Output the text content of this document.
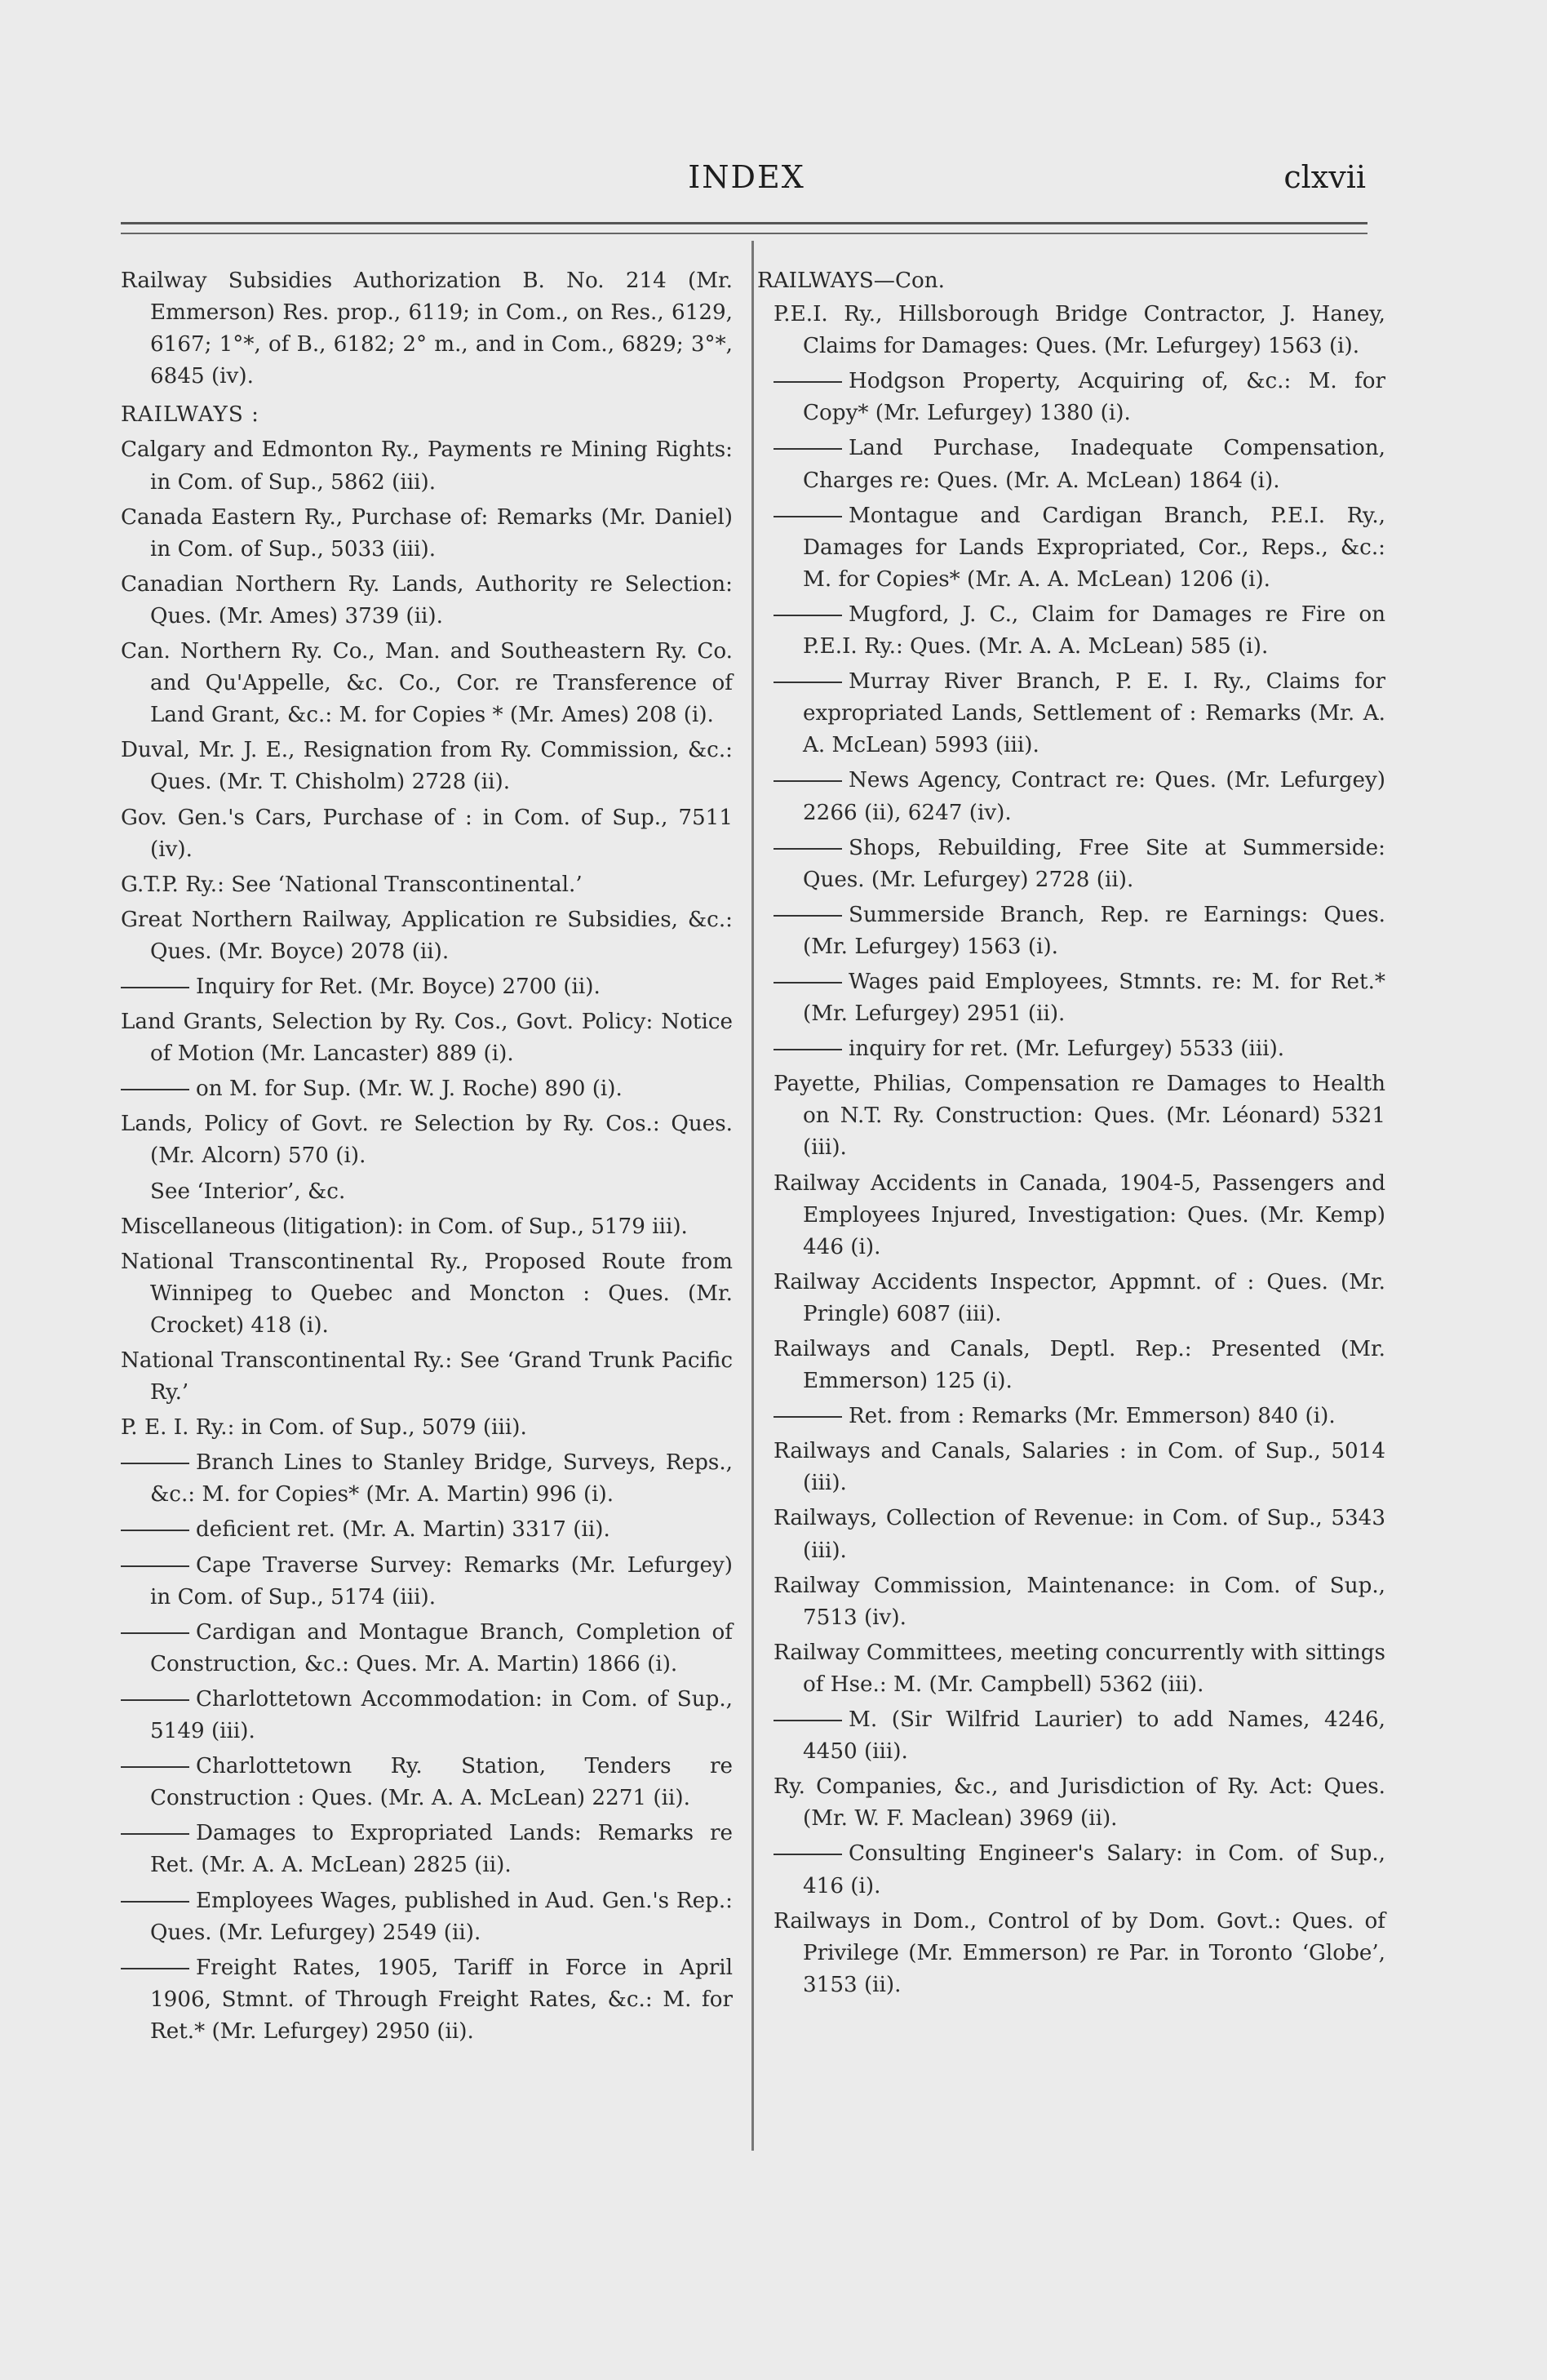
INDEX	clxvii

Railway Subsidies Authorization B. No. 214 (Mr. Emmerson) Res. prop., 6119; in Com., on Res., 6129, 6167; 1°*, of B., 6182; 2° m., and in Com., 6829; 3°*, 6845 (iv).

RAILWAYS :

Calgary and Edmonton Ry., Payments re Mining Rights: in Com. of Sup., 5862 (iii).

Canada Eastern Ry., Purchase of: Remarks (Mr. Daniel) in Com. of Sup., 5033 (iii).

Canadian Northern Ry. Lands, Authority re Selection: Ques. (Mr. Ames) 3739 (ii).

Can. Northern Ry. Co., Man. and Southeastern Ry. Co. and Qu'Appelle, &c. Co., Cor. re Transference of Land Grant, &c.: M. for Copies * (Mr. Ames) 208 (i).

Duval, Mr. J. E., Resignation from Ry. Commission, &c.: Ques. (Mr. T. Chisholm) 2728 (ii).

Gov. Gen.'s Cars, Purchase of : in Com. of Sup., 7511 (iv).

G.T.P. Ry.: See ‘National Transcontinental.’

Great Northern Railway, Application re Subsidies, &c.: Ques. (Mr. Boyce) 2078 (ii).

Inquiry for Ret. (Mr. Boyce) 2700 (ii).

Land Grants, Selection by Ry. Cos., Govt. Policy: Notice of Motion (Mr. Lancaster) 889 (i).

on M. for Sup. (Mr. W. J. Roche) 890 (i).

Lands, Policy of Govt. re Selection by Ry. Cos.: Ques. (Mr. Alcorn) 570 (i).

See ‘Interior’, &c.

Miscellaneous (litigation): in Com. of Sup., 5179 iii).

National Transcontinental Ry., Proposed Route from Winnipeg to Quebec and Moncton : Ques. (Mr. Crocket) 418 (i).

National Transcontinental Ry.: See ‘Grand Trunk Pacific Ry.’

P. E. I. Ry.: in Com. of Sup., 5079 (iii).

Branch Lines to Stanley Bridge, Surveys, Reps., &c.: M. for Copies* (Mr. A. Martin) 996 (i).

deficient ret. (Mr. A. Martin) 3317 (ii).

Cape Traverse Survey: Remarks (Mr. Lefurgey) in Com. of Sup., 5174 (iii).

Cardigan and Montague Branch, Completion of Construction, &c.: Ques. Mr. A. Martin) 1866 (i).

Charlottetown Accommodation: in Com. of Sup., 5149 (iii).

Charlottetown Ry. Station, Tenders re Construction : Ques. (Mr. A. A. McLean) 2271 (ii).

Damages to Expropriated Lands: Remarks re Ret. (Mr. A. A. McLean) 2825 (ii).

Employees Wages, published in Aud. Gen.'s Rep.: Ques. (Mr. Lefurgey) 2549 (ii).

Freight Rates, 1905, Tariff in Force in April 1906, Stmnt. of Through Freight Rates, &c.: M. for Ret.* (Mr. Lefurgey) 2950 (ii).

RAILWAYS—Con.

P.E.I. Ry., Hillsborough Bridge Contractor, J. Haney, Claims for Damages: Ques. (Mr. Lefurgey) 1563 (i).

Hodgson Property, Acquiring of, &c.: M. for Copy* (Mr. Lefurgey) 1380 (i).

Land Purchase, Inadequate Compensation, Charges re: Ques. (Mr. A. McLean) 1864 (i).

Montague and Cardigan Branch, P.E.I. Ry., Damages for Lands Expropriated, Cor., Reps., &c.: M. for Copies* (Mr. A. A. McLean) 1206 (i).

Mugford, J. C., Claim for Damages re Fire on P.E.I. Ry.: Ques. (Mr. A. A. McLean) 585 (i).

Murray River Branch, P. E. I. Ry., Claims for expropriated Lands, Settlement of : Remarks (Mr. A. A. McLean) 5993 (iii).

News Agency, Contract re: Ques. (Mr. Lefurgey) 2266 (ii), 6247 (iv).

Shops, Rebuilding, Free Site at Summerside: Ques. (Mr. Lefurgey) 2728 (ii).

Summerside Branch, Rep. re Earnings: Ques. (Mr. Lefurgey) 1563 (i).

Wages paid Employees, Stmnts. re: M. for Ret.* (Mr. Lefurgey) 2951 (ii).

inquiry for ret. (Mr. Lefurgey) 5533 (iii).

Payette, Philias, Compensation re Damages to Health on N.T. Ry. Construction: Ques. (Mr. Léonard) 5321 (iii).

Railway Accidents in Canada, 1904-5, Passengers and Employees Injured, Investigation: Ques. (Mr. Kemp) 446 (i).

Railway Accidents Inspector, Appmnt. of : Ques. (Mr. Pringle) 6087 (iii).

Railways and Canals, Deptl. Rep.: Presented (Mr. Emmerson) 125 (i).

Ret. from : Remarks (Mr. Emmerson) 840 (i).

Railways and Canals, Salaries : in Com. of Sup., 5014 (iii).

Railways, Collection of Revenue: in Com. of Sup., 5343 (iii).

Railway Commission, Maintenance: in Com. of Sup., 7513 (iv).

Railway Committees, meeting concurrently with sittings of Hse.: M. (Mr. Campbell) 5362 (iii).

M. (Sir Wilfrid Laurier) to add Names, 4246, 4450 (iii).

Ry. Companies, &c., and Jurisdiction of Ry. Act: Ques. (Mr. W. F. Maclean) 3969 (ii).

Consulting Engineer's Salary: in Com. of Sup., 416 (i).

Railways in Dom., Control of by Dom. Govt.: Ques. of Privilege (Mr. Emmerson) re Par. in Toronto ‘Globe’, 3153 (ii).
